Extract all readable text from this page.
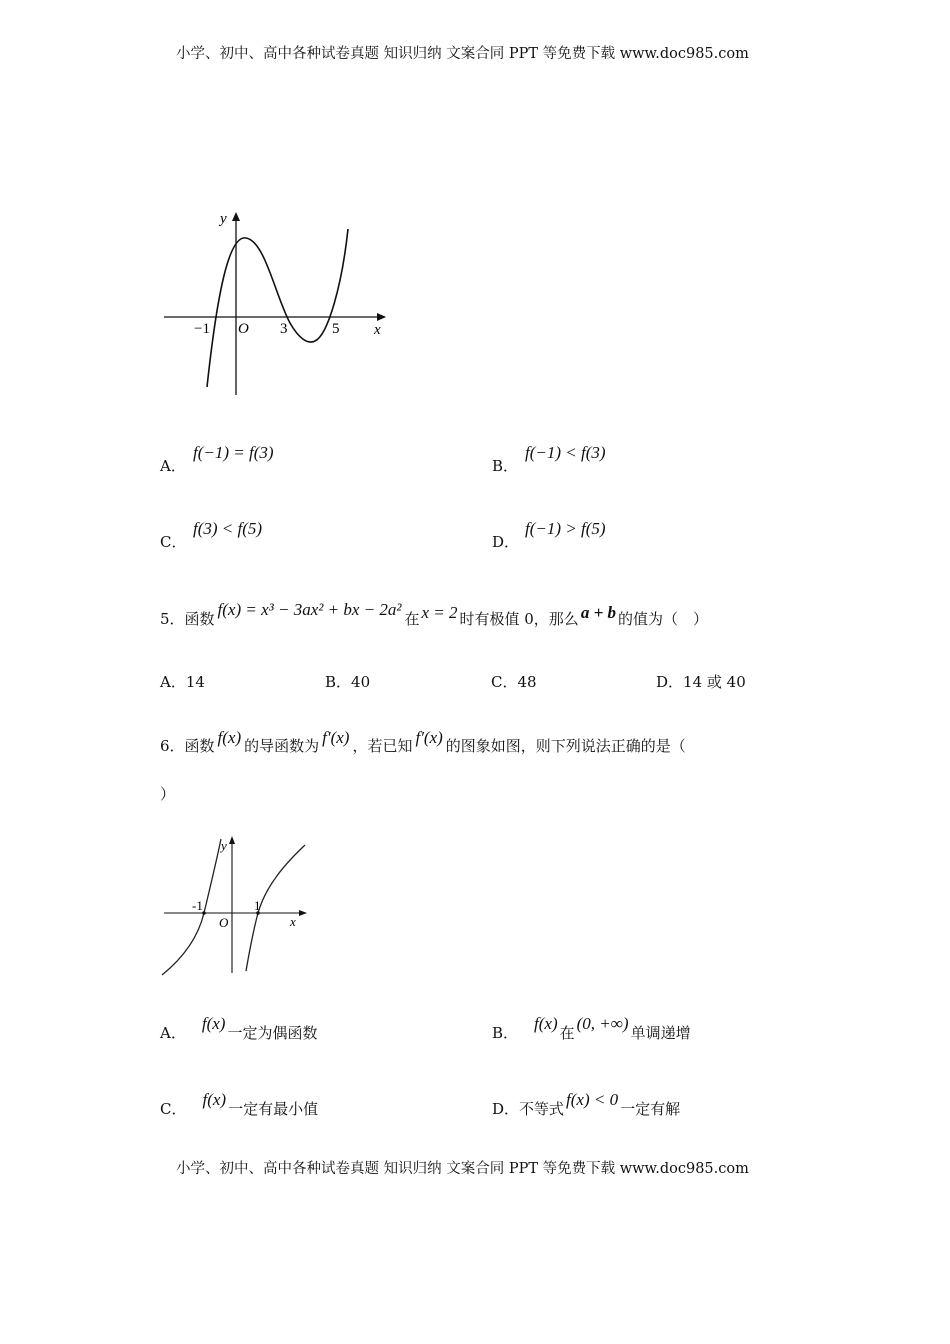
小学、初中、高中各种试卷真题 知识归纳 文案合同 PPT 等免费下载 www.doc985.com
y
x
O
−1	3	5
A．
f(−1) = f(3)
B．
f(−1) < f(3)
C．
f(3) < f(5)
D．
f(−1) > f(5)
5．函数 f(x) = x³ − 3ax² + bx − 2a² 在 x = 2 时有极值 0，那么 a + b 的值为（　）
A．14	B．40	C．48	D．14 或 40
6．函数 f(x) 的导函数为 f′(x) ，若已知 f′(x) 的图象如图，则下列说法正确的是（
）
y
x
O
-1	1
A． f(x) 一定为偶函数	B． f(x) 在 (0, +∞) 单调递增
C． f(x) 一定有最小值	D．不等式 f(x) < 0 一定有解
小学、初中、高中各种试卷真题 知识归纳 文案合同 PPT 等免费下载 www.doc985.com
